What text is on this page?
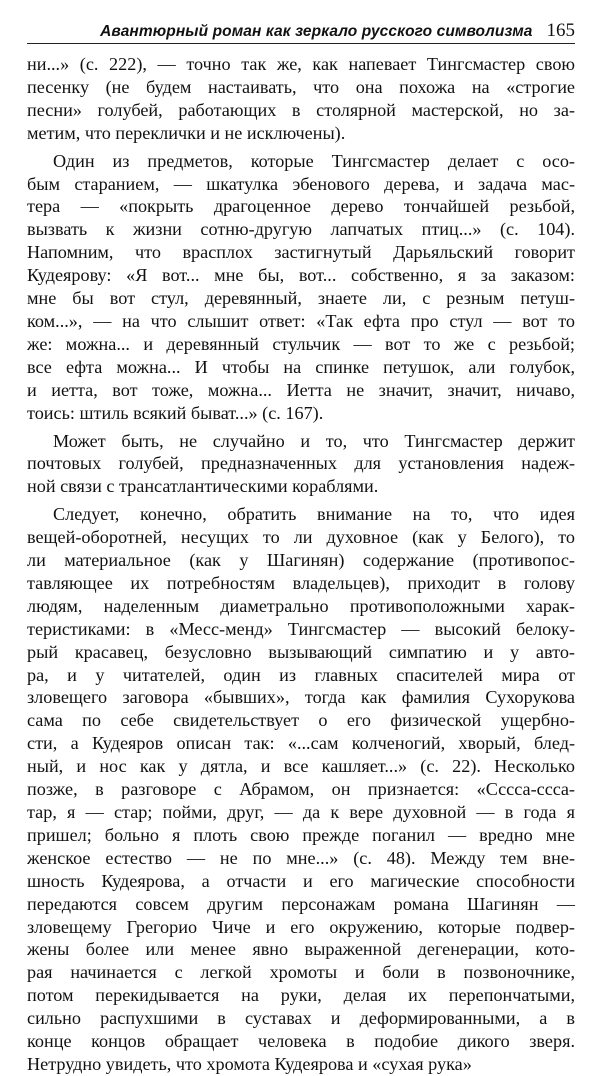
Авантюрный роман как зеркало русского символизма 165
ни...» (с. 222), — точно так же, как напевает Тингсмастер свою
песенку (не будем настаивать, что она похожа на «строгие
песни» голубей, работающих в столярной мастерской, но за-
метим, что переклички и не исключены).
Один из предметов, которые Тингсмастер делает с осо-
бым старанием, — шкатулка эбенового дерева, и задача мас-
тера — «покрыть драгоценное дерево тончайшей резьбой,
вызвать к жизни сотню-другую лапчатых птиц...» (с. 104).
Напомним, что врасплох застигнутый Дарьяльский говорит
Кудеярову: «Я вот... мне бы, вот... собственно, я за заказом:
мне бы вот стул, деревянный, знаете ли, с резным петуш-
ком...», — на что слышит ответ: «Так ефта про стул — вот то
же: можна... и деревянный стульчик — вот то же с резьбой;
все ефта можна... И чтобы на спинке петушок, али голубок,
и иетта, вот тоже, можна... Иетта не значит, значит, ничаво,
тоись: штиль всякий быват...» (с. 167).
Может быть, не случайно и то, что Тингсмастер держит
почтовых голубей, предназначенных для установления надеж-
ной связи с трансатлантическими кораблями.
Следует, конечно, обратить внимание на то, что идея
вещей-оборотней, несущих то ли духовное (как у Белого), то
ли материальное (как у Шагинян) содержание (противопос-
тавляющее их потребностям владельцев), приходит в голову
людям, наделенным диаметрально противоположными харак-
теристиками: в «Месс-менд» Тингсмастер — высокий белоку-
рый красавец, безусловно вызывающий симпатию и у авто-
ра, и у читателей, один из главных спасителей мира от
зловещего заговора «бывших», тогда как фамилия Сухорукова
сама по себе свидетельствует о его физической ущербно-
сти, а Кудеяров описан так: «...сам колченогий, хворый, блед-
ный, и нос как у дятла, и все кашляет...» (с. 22). Несколько
позже, в разговоре с Абрамом, он признается: «Сссса-сссa-
тар, я — стар; пойми, друг, — да к вере духовной — в года я
пришел; больно я плоть свою прежде поганил — вредно мне
женское естество — не по мне...» (с. 48). Между тем вне-
шность Кудеярова, а отчасти и его магические способности
передаются совсем другим персонажам романа Шагинян —
зловещему Грегорио Чиче и его окружению, которые подвер-
жены более или менее явно выраженной дегенерации, кото-
рая начинается с легкой хромоты и боли в позвоночнике,
потом перекидывается на руки, делая их перепончатыми,
сильно распухшими в суставах и деформированными, а в
конце концов обращает человека в подобие дикого зверя.
Нетрудно увидеть, что хромота Кудеярова и «сухая рука»
